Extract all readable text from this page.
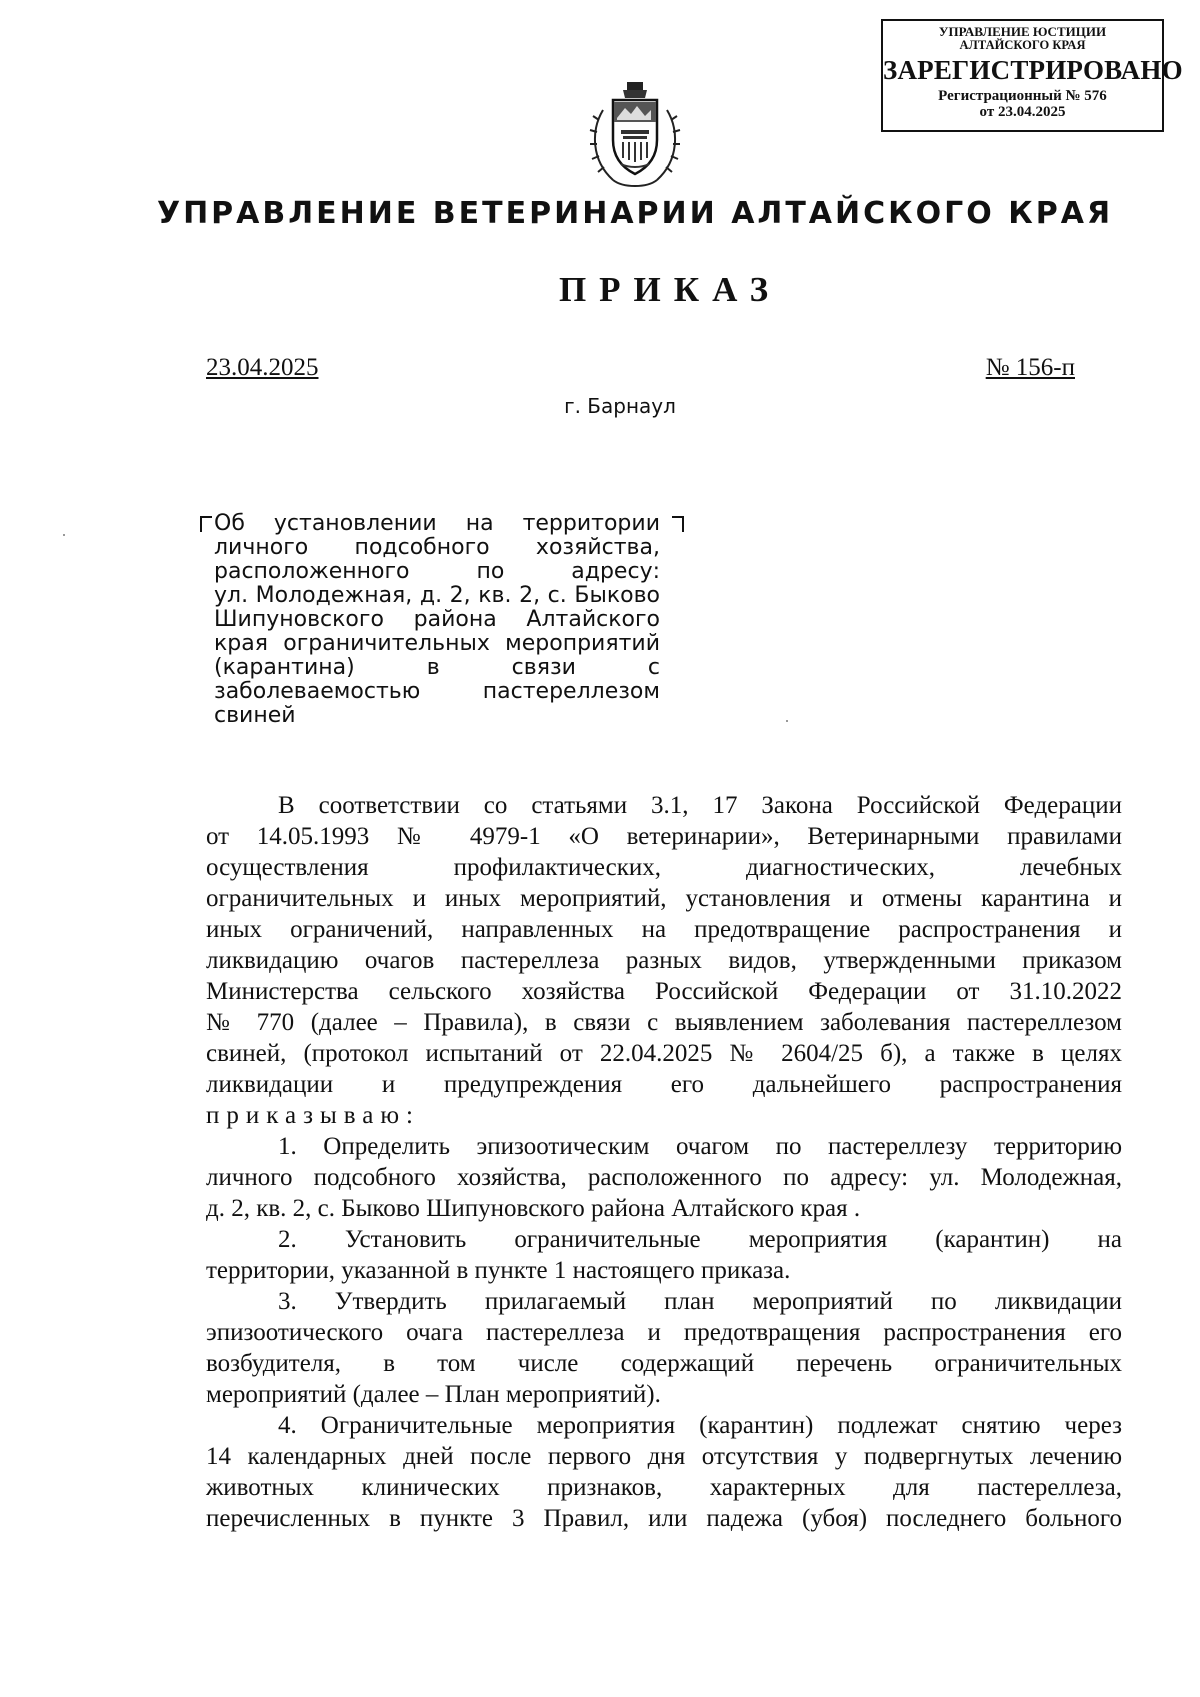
УПРАВЛЕНИЕ ЮСТИЦИИ
АЛТАЙСКОГО КРАЯ
ЗАРЕГИСТРИРОВАНО
Регистрационный № 576
от 23.04.2025
УПРАВЛЕНИЕ ВЕТЕРИНАРИИ АЛТАЙСКОГО КРАЯ
ПРИКАЗ
23.04.2025	№ 156-п
г. Барнаул
Об установлении на территории
личного подсобного хозяйства,
расположенного по адресу:
ул. Молодежная, д. 2, кв. 2, с. Быково
Шипуновского района Алтайского
края ограничительных мероприятий
(карантина) в связи с
заболеваемостью пастереллезом
свиней
В соответствии со статьями 3.1, 17 Закона Российской Федерации
от 14.05.1993 № 4979-1 «О ветеринарии», Ветеринарными правилами
осуществления профилактических, диагностических, лечебных
ограничительных и иных мероприятий, установления и отмены карантина и
иных ограничений, направленных на предотвращение распространения и
ликвидацию очагов пастереллеза разных видов, утвержденными приказом
Министерства сельского хозяйства Российской Федерации от 31.10.2022
№ 770 (далее – Правила), в связи с выявлением заболевания пастереллезом
свиней, (протокол испытаний от 22.04.2025 № 2604/25 б), а также в целях
ликвидации и предупреждения его дальнейшего распространения
приказываю:
1. Определить эпизоотическим очагом по пастереллезу территорию
личного подсобного хозяйства, расположенного по адресу: ул. Молодежная,
д. 2, кв. 2, с. Быково Шипуновского района Алтайского края .
2. Установить ограничительные мероприятия (карантин) на
территории, указанной в пункте 1 настоящего приказа.
3. Утвердить прилагаемый план мероприятий по ликвидации
эпизоотического очага пастереллеза и предотвращения распространения его
возбудителя, в том числе содержащий перечень ограничительных
мероприятий (далее – План мероприятий).
4. Ограничительные мероприятия (карантин) подлежат снятию через
14 календарных дней после первого дня отсутствия у подвергнутых лечению
животных клинических признаков, характерных для пастереллеза,
перечисленных в пункте 3 Правил, или падежа (убоя) последнего больного
